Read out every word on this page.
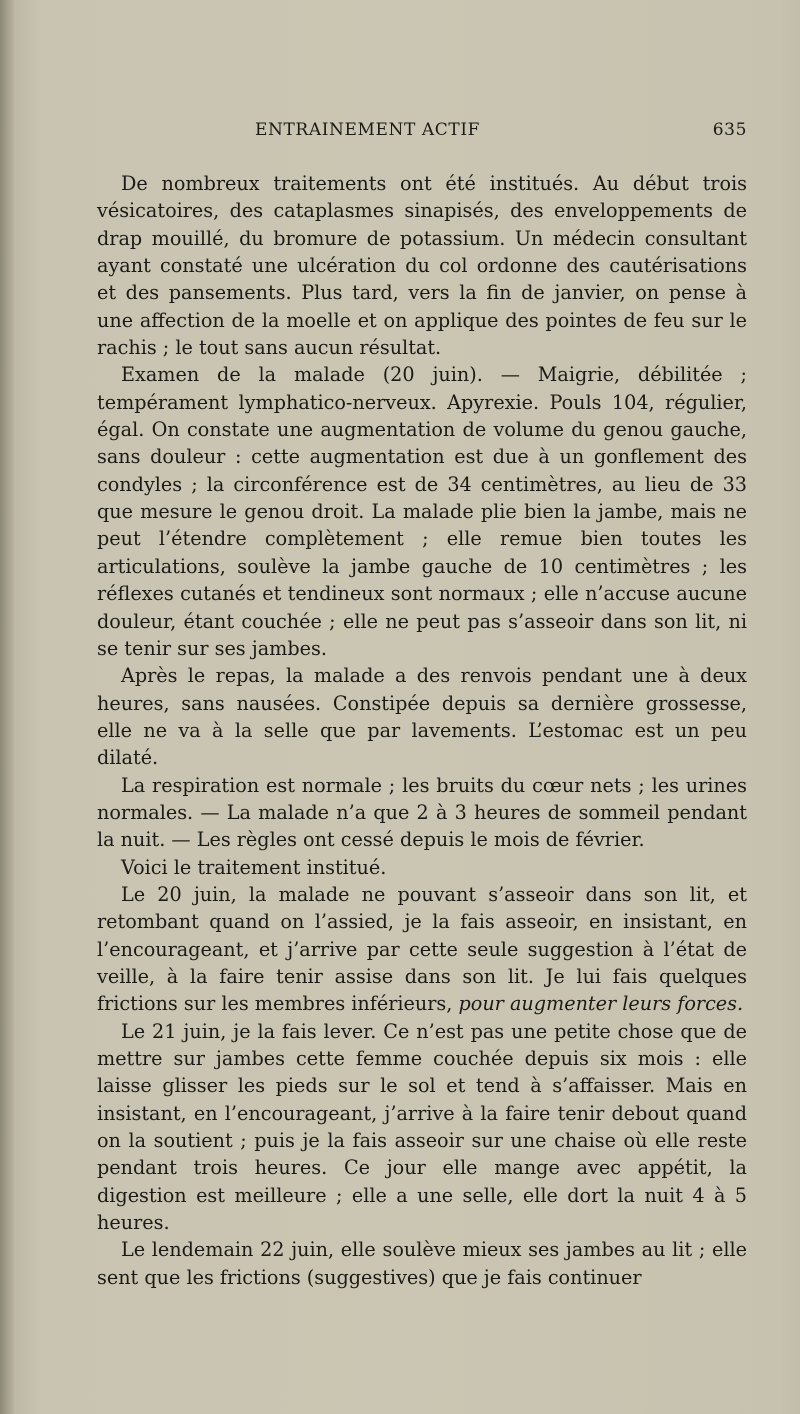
ENTRAINEMENT ACTIF	635

De nombreux traitements ont été institués. Au début trois vésicatoires, des cataplasmes sinapisés, des enveloppements de drap mouillé, du bromure de potassium. Un médecin consultant ayant constaté une ulcération du col ordonne des cautérisations et des pansements. Plus tard, vers la fin de janvier, on pense à une affection de la moelle et on applique des pointes de feu sur le rachis ; le tout sans aucun résultat.

Examen de la malade (20 juin). — Maigrie, débilitée ; tempérament lymphatico-nerveux. Apyrexie. Pouls 104, régulier, égal. On constate une augmentation de volume du genou gauche, sans douleur : cette augmentation est due à un gonflement des condyles ; la circonférence est de 34 centimètres, au lieu de 33 que mesure le genou droit. La malade plie bien la jambe, mais ne peut l’étendre complètement ; elle remue bien toutes les articulations, soulève la jambe gauche de 10 centimètres ; les réflexes cutanés et tendineux sont normaux ; elle n’accuse aucune douleur, étant couchée ; elle ne peut pas s’asseoir dans son lit, ni se tenir sur ses jambes.

Après le repas, la malade a des renvois pendant une à deux heures, sans nausées. Constipée depuis sa dernière grossesse, elle ne va à la selle que par lavements. L’estomac est un peu dilaté.

La respiration est normale ; les bruits du cœur nets ; les urines normales. — La malade n’a que 2 à 3 heures de sommeil pendant la nuit. — Les règles ont cessé depuis le mois de février.

Voici le traitement institué.

Le 20 juin, la malade ne pouvant s’asseoir dans son lit, et retombant quand on l’assied, je la fais asseoir, en insistant, en l’encourageant, et j’arrive par cette seule suggestion à l’état de veille, à la faire tenir assise dans son lit. Je lui fais quelques frictions sur les membres inférieurs, pour augmenter leurs forces.

Le 21 juin, je la fais lever. Ce n’est pas une petite chose que de mettre sur jambes cette femme couchée depuis six mois : elle laisse glisser les pieds sur le sol et tend à s’affaisser. Mais en insistant, en l’encourageant, j’arrive à la faire tenir debout quand on la soutient ; puis je la fais asseoir sur une chaise où elle reste pendant trois heures. Ce jour elle mange avec appétit, la digestion est meilleure ; elle a une selle, elle dort la nuit 4 à 5 heures.

Le lendemain 22 juin, elle soulève mieux ses jambes au lit ; elle sent que les frictions (suggestives) que je fais continuer
